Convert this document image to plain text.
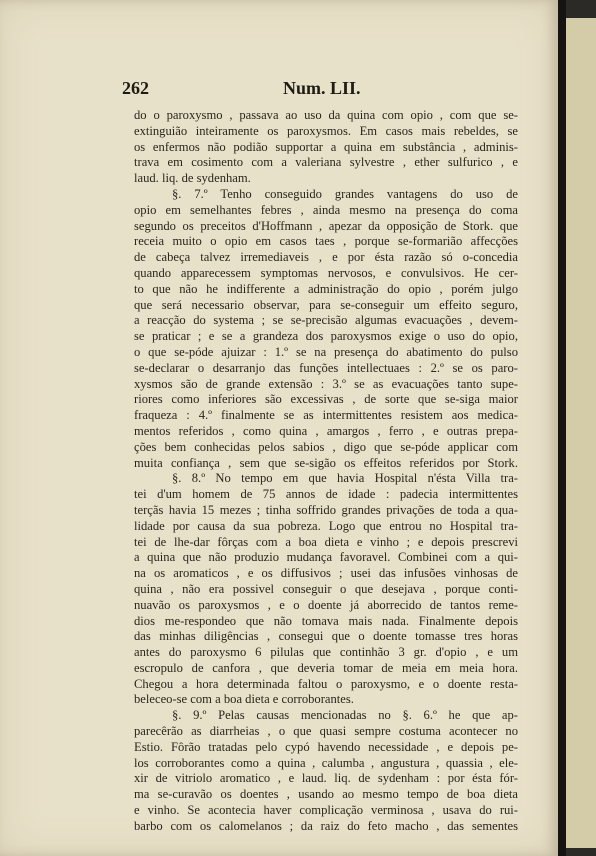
262	Num. LII.
do o paroxysmo , passava ao uso da quina com opio , com que se-
extinguião inteiramente os paroxysmos. Em casos mais rebeldes, se
os enfermos não podião supportar a quina em substância , adminis-
trava em cosimento com a valeriana sylvestre , ether sulfurico , e
laud. liq. de sydenham.
§. 7.º Tenho conseguido grandes vantagens do uso de
opio em semelhantes febres , ainda mesmo na presença do coma
segundo os preceitos d'Hoffmann , apezar da opposição de Stork. que
receia muito o opio em casos taes , porque se-formarião affecções
de cabeça talvez irremediaveis , e por ésta razão só o-concedia
quando apparecessem symptomas nervosos, e convulsivos. He cer-
to que não he indifferente a administração do opio , porém julgo
que será necessario observar, para se-conseguir um effeito seguro,
a reacção do systema ; se se-precisão algumas evacuações , devem-
se praticar ; e se a grandeza dos paroxysmos exige o uso do opio,
o que se-póde ajuizar : 1.º se na presença do abatimento do pulso
se-declarar o desarranjo das funções intellectuaes : 2.º se os paro-
xysmos são de grande extensão : 3.º se as evacuações tanto supe-
riores como inferiores são excessivas , de sorte que se-siga maior
fraqueza : 4.º finalmente se as intermittentes resistem aos medica-
mentos referidos , como quina , amargos , ferro , e outras prepa-
ções bem conhecidas pelos sabios , digo que se-póde applicar com
muita confiança , sem que se-sigão os effeitos referidos por Stork.
§. 8.º No tempo em que havia Hospital n'ésta Villa tra-
tei d'um homem de 75 annos de idade : padecia intermittentes
terçãs havia 15 mezes ; tinha soffrido grandes privações de toda a qua-
lidade por causa da sua pobreza. Logo que entrou no Hospital tra-
tei de lhe-dar fôrças com a boa dieta e vinho ; e depois prescrevi
a quina que não produzio mudança favoravel. Combinei com a qui-
na os aromaticos , e os diffusivos ; usei das infusões vinhosas de
quina , não era possivel conseguir o que desejava , porque conti-
nuavão os paroxysmos , e o doente já aborrecido de tantos reme-
dios me-respondeo que não tomava mais nada. Finalmente depois
das minhas diligências , consegui que o doente tomasse tres horas
antes do paroxysmo 6 pilulas que continhão 3 gr. d'opio , e um
escropulo de canfora , que deveria tomar de meia em meia hora.
Chegou a hora determinada faltou o paroxysmo, e o doente resta-
beleceo-se com a boa dieta e corroborantes.
§. 9.º Pelas causas mencionadas no §. 6.º he que ap-
parecêrão as diarrheias , o que quasi sempre costuma acontecer no
Estio. Fôrão tratadas pelo cypó havendo necessidade , e depois pe-
los corroborantes como a quina , calumba , angustura , quassia , ele-
xir de vitriolo aromatico , e laud. liq. de sydenham : por ésta fór-
ma se-curavão os doentes , usando ao mesmo tempo de boa dieta
e vinho. Se acontecia haver complicação verminosa , usava do rui-
barbo com os calomelanos ; da raiz do feto macho , das sementes
